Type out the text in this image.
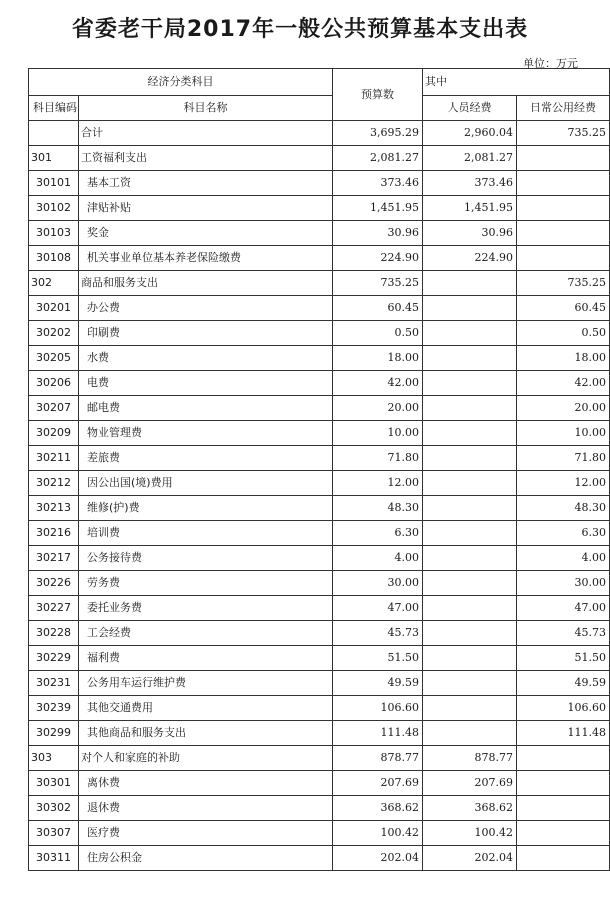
省委老干局2017年一般公共预算基本支出表
单位：万元
经济分类科目		预算数	其中	
科目编码	科目名称		人员经费	日常公用经费
	合计	3,695.29	2,960.04	735.25
301	工资福利支出	2,081.27	2,081.27	
30101	基本工资	373.46	373.46	
30102	津贴补贴	1,451.95	1,451.95	
30103	奖金	30.96	30.96	
30108	机关事业单位基本养老保险缴费	224.90	224.90	
302	商品和服务支出	735.25		735.25
30201	办公费	60.45		60.45
30202	印刷费	0.50		0.50
30205	水费	18.00		18.00
30206	电费	42.00		42.00
30207	邮电费	20.00		20.00
30209	物业管理费	10.00		10.00
30211	差旅费	71.80		71.80
30212	因公出国(境)费用	12.00		12.00
30213	维修(护)费	48.30		48.30
30216	培训费	6.30		6.30
30217	公务接待费	4.00		4.00
30226	劳务费	30.00		30.00
30227	委托业务费	47.00		47.00
30228	工会经费	45.73		45.73
30229	福利费	51.50		51.50
30231	公务用车运行维护费	49.59		49.59
30239	其他交通费用	106.60		106.60
30299	其他商品和服务支出	111.48		111.48
303	对个人和家庭的补助	878.77	878.77	
30301	离休费	207.69	207.69	
30302	退休费	368.62	368.62	
30307	医疗费	100.42	100.42	
30311	住房公积金	202.04	202.04	
